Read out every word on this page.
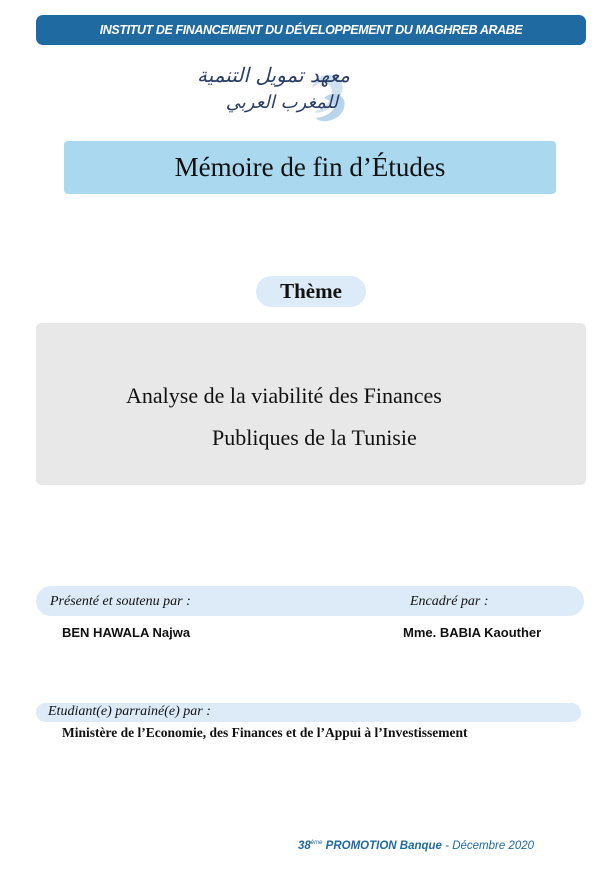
INSTITUT DE FINANCEMENT DU DÉVELOPPEMENT DU MAGHREB ARABE
معهد تمويل التنمية
للمغرب العربي
Mémoire de fin d’Études
Thème
Analyse de la viabilité des Finances
Publiques de la Tunisie
Présenté et soutenu par :	Encadré par :
BEN HAWALA Najwa	Mme. BABIA Kaouther
Etudiant(e) parrainé(e) par :
Ministère de l’Economie, des Finances et de l’Appui à l’Investissement
38ème PROMOTION Banque - Décembre 2020
